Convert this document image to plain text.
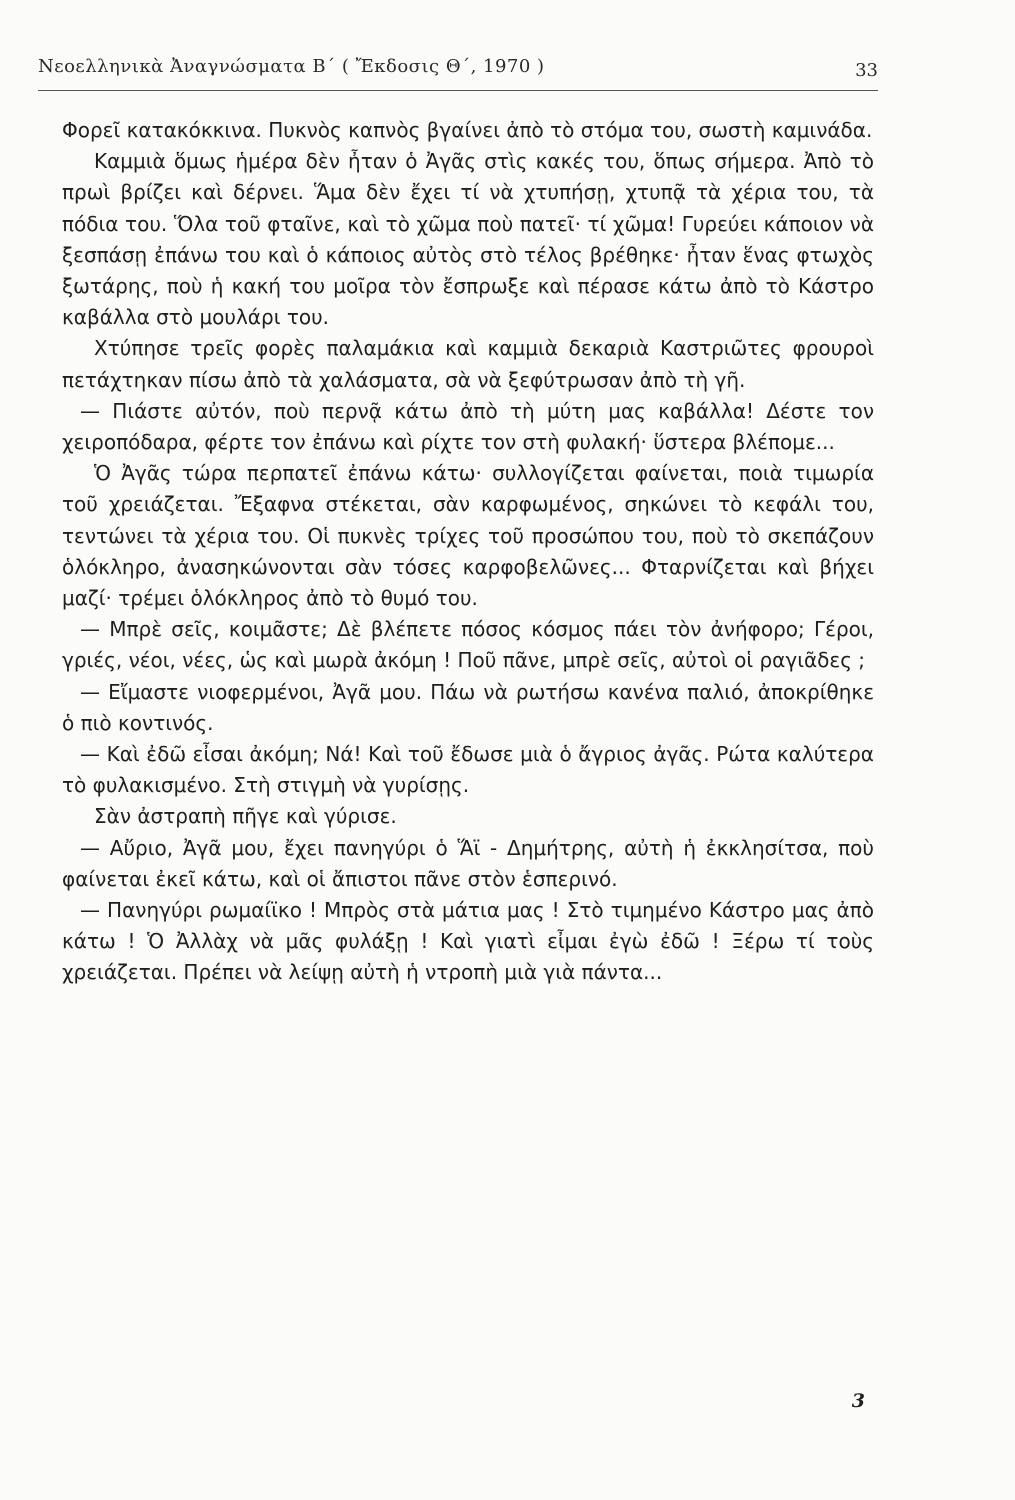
Νεοελληνικὰ Ἀναγνώσματα Β΄ ( Ἔκδοσις Θ΄, 1970 )	33

Φορεῖ κατακόκκινα. Πυκνὸς καπνὸς βγαίνει ἀπὸ τὸ στόμα του, σωστὴ καμινάδα.

Καμμιὰ ὅμως ἡμέρα δὲν ἦταν ὁ Ἀγᾶς στὶς κακές του, ὅπως σήμερα. Ἀπὸ τὸ πρωὶ βρίζει καὶ δέρνει. Ἅμα δὲν ἔχει τί νὰ χτυπήσῃ, χτυπᾷ τὰ χέρια του, τὰ πόδια του. Ὅλα τοῦ φταῖνε, καὶ τὸ χῶμα ποὺ πατεῖ· τί χῶμα! Γυρεύει κάποιον νὰ ξεσπάσῃ ἐπάνω του καὶ ὁ κάποιος αὐτὸς στὸ τέλος βρέθηκε· ἦταν ἕνας φτωχὸς ξωτάρης, ποὺ ἡ κακή του μοῖρα τὸν ἔσπρωξε καὶ πέρασε κάτω ἀπὸ τὸ Κάστρο καβάλλα στὸ μουλάρι του.

Χτύπησε τρεῖς φορὲς παλαμάκια καὶ καμμιὰ δεκαριὰ Καστριῶτες φρουροὶ πετάχτηκαν πίσω ἀπὸ τὰ χαλάσματα, σὰ νὰ ξεφύτρωσαν ἀπὸ τὴ γῆ.

— Πιάστε αὐτόν, ποὺ περνᾷ κάτω ἀπὸ τὴ μύτη μας καβάλλα! Δέστε τον χειροπόδαρα, φέρτε τον ἐπάνω καὶ ρίχτε τον στὴ φυλακή· ὕστερα βλέπομε...

Ὁ Ἀγᾶς τώρα περπατεῖ ἐπάνω κάτω· συλλογίζεται φαίνεται, ποιὰ τιμωρία τοῦ χρειάζεται. Ἔξαφνα στέκεται, σὰν καρφωμένος, σηκώνει τὸ κεφάλι του, τεντώνει τὰ χέρια του. Οἱ πυκνὲς τρίχες τοῦ προσώπου του, ποὺ τὸ σκεπάζουν ὁλόκληρο, ἀνασηκώνονται σὰν τόσες καρφοβελῶνες... Φταρνίζεται καὶ βήχει μαζί· τρέμει ὁλόκληρος ἀπὸ τὸ θυμό του.

— Μπρὲ σεῖς, κοιμᾶστε; Δὲ βλέπετε πόσος κόσμος πάει τὸν ἀνήφορο; Γέροι, γριές, νέοι, νέες, ὡς καὶ μωρὰ ἀκόμη ! Ποῦ πᾶνε, μπρὲ σεῖς, αὐτοὶ οἱ ραγιᾶδες ;

— Εἴμαστε νιοφερμένοι, Ἀγᾶ μου. Πάω νὰ ρωτήσω κανένα παλιό, ἀποκρίθηκε ὁ πιὸ κοντινός.

— Καὶ ἐδῶ εἶσαι ἀκόμη; Νά! Καὶ τοῦ ἔδωσε μιὰ ὁ ἄγριος ἀγᾶς. Ρώτα καλύτερα τὸ φυλακισμένο. Στὴ στιγμὴ νὰ γυρίσῃς.

Σὰν ἀστραπὴ πῆγε καὶ γύρισε.

— Αὔριο, Ἀγᾶ μου, ἔχει πανηγύρι ὁ Ἅϊ - Δημήτρης, αὐτὴ ἡ ἐκκλησίτσα, ποὺ φαίνεται ἐκεῖ κάτω, καὶ οἱ ἄπιστοι πᾶνε στὸν ἑσπερινό.

— Πανηγύρι ρωμαίϊκο ! Μπρὸς στὰ μάτια μας ! Στὸ τιμημένο Κάστρο μας ἀπὸ κάτω ! Ὁ Ἀλλὰχ νὰ μᾶς φυλάξῃ ! Καὶ γιατὶ εἶμαι ἐγὼ ἐδῶ ! Ξέρω τί τοὺς χρειάζεται. Πρέπει νὰ λείψῃ αὐτὴ ἡ ντροπὴ μιὰ γιὰ πάντα...

3
